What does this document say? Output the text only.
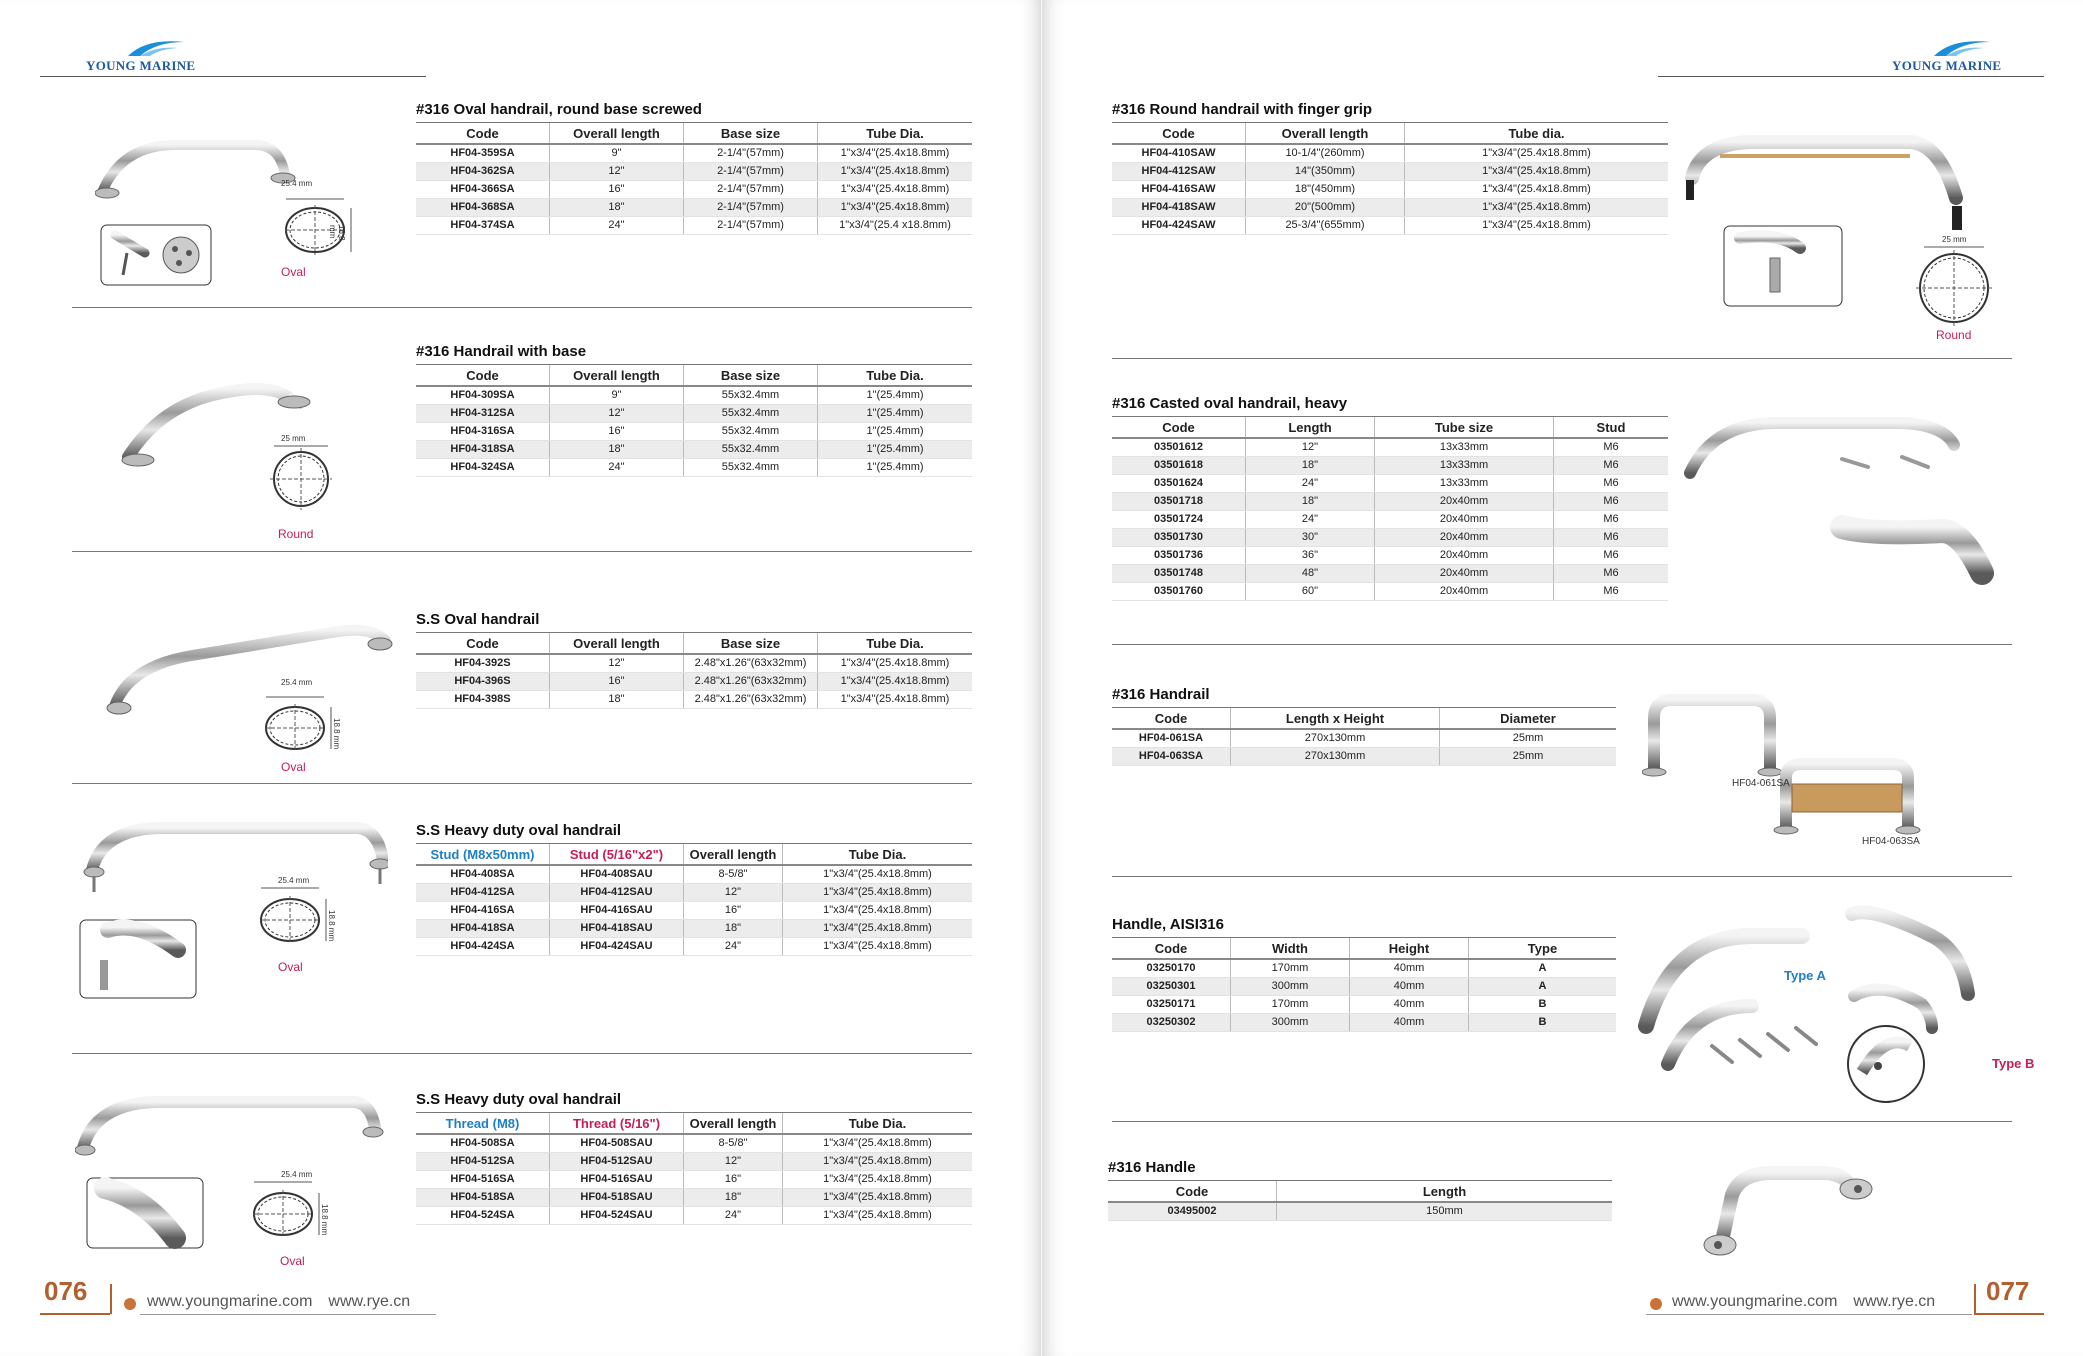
YOUNG MARINE
25.4 mm
18.8 mm
Oval
#316 Oval handrail, round base screwed
Code	Overall length	Base size	Tube Dia.
HF04-359SA	9"	2-1/4"(57mm)	1"x3/4"(25.4x18.8mm)
HF04-362SA	12"	2-1/4"(57mm)	1"x3/4"(25.4x18.8mm)
HF04-366SA	16"	2-1/4"(57mm)	1"x3/4"(25.4x18.8mm)
HF04-368SA	18"	2-1/4"(57mm)	1"x3/4"(25.4x18.8mm)
HF04-374SA	24"	2-1/4"(57mm)	1"x3/4"(25.4 x18.8mm)
25 mm
Round
#316 Handrail with base
Code	Overall length	Base size	Tube Dia.
HF04-309SA	9"	55x32.4mm	1"(25.4mm)
HF04-312SA	12"	55x32.4mm	1"(25.4mm)
HF04-316SA	16"	55x32.4mm	1"(25.4mm)
HF04-318SA	18"	55x32.4mm	1"(25.4mm)
HF04-324SA	24"	55x32.4mm	1"(25.4mm)
25.4 mm
18.8 mm
Oval
S.S Oval handrail
Code	Overall length	Base size	Tube Dia.
HF04-392S	12"	2.48"x1.26"(63x32mm)	1"x3/4"(25.4x18.8mm)
HF04-396S	16"	2.48"x1.26"(63x32mm)	1"x3/4"(25.4x18.8mm)
HF04-398S	18"	2.48"x1.26"(63x32mm)	1"x3/4"(25.4x18.8mm)
25.4 mm
18.8 mm
Oval
S.S Heavy duty oval handrail
Stud (M8x50mm)	Stud (5/16"x2")	Overall length	Tube Dia.
HF04-408SA	HF04-408SAU	8-5/8"	1"x3/4"(25.4x18.8mm)
HF04-412SA	HF04-412SAU	12"	1"x3/4"(25.4x18.8mm)
HF04-416SA	HF04-416SAU	16"	1"x3/4"(25.4x18.8mm)
HF04-418SA	HF04-418SAU	18"	1"x3/4"(25.4x18.8mm)
HF04-424SA	HF04-424SAU	24"	1"x3/4"(25.4x18.8mm)
25.4 mm
18.8 mm
Oval
S.S Heavy duty oval handrail
Thread (M8)	Thread (5/16")	Overall length	Tube Dia.
HF04-508SA	HF04-508SAU	8-5/8"	1"x3/4"(25.4x18.8mm)
HF04-512SA	HF04-512SAU	12"	1"x3/4"(25.4x18.8mm)
HF04-516SA	HF04-516SAU	16"	1"x3/4"(25.4x18.8mm)
HF04-518SA	HF04-518SAU	18"	1"x3/4"(25.4x18.8mm)
HF04-524SA	HF04-524SAU	24"	1"x3/4"(25.4x18.8mm)
076	www.youngmarine.com www.rye.cn
YOUNG MARINE
#316 Round handrail with finger grip
Code	Overall length	Tube dia.
HF04-410SAW	10-1/4"(260mm)	1"x3/4"(25.4x18.8mm)
HF04-412SAW	14"(350mm)	1"x3/4"(25.4x18.8mm)
HF04-416SAW	18"(450mm)	1"x3/4"(25.4x18.8mm)
HF04-418SAW	20"(500mm)	1"x3/4"(25.4x18.8mm)
HF04-424SAW	25-3/4"(655mm)	1"x3/4"(25.4x18.8mm)
25 mm
Round
#316 Casted oval handrail, heavy
Code	Length	Tube size	Stud
03501612	12"	13x33mm	M6
03501618	18"	13x33mm	M6
03501624	24"	13x33mm	M6
03501718	18"	20x40mm	M6
03501724	24"	20x40mm	M6
03501730	30"	20x40mm	M6
03501736	36"	20x40mm	M6
03501748	48"	20x40mm	M6
03501760	60"	20x40mm	M6
#316 Handrail
Code	Length x Height	Diameter
HF04-061SA	270x130mm	25mm
HF04-063SA	270x130mm	25mm
HF04-061SA
HF04-063SA
Handle, AISI316
Code	Width	Height	Type
03250170	170mm	40mm	A
03250301	300mm	40mm	A
03250171	170mm	40mm	B
03250302	300mm	40mm	B
Type A
Type B
#316 Handle
Code	Length
03495002	150mm
www.youngmarine.com www.rye.cn 077
